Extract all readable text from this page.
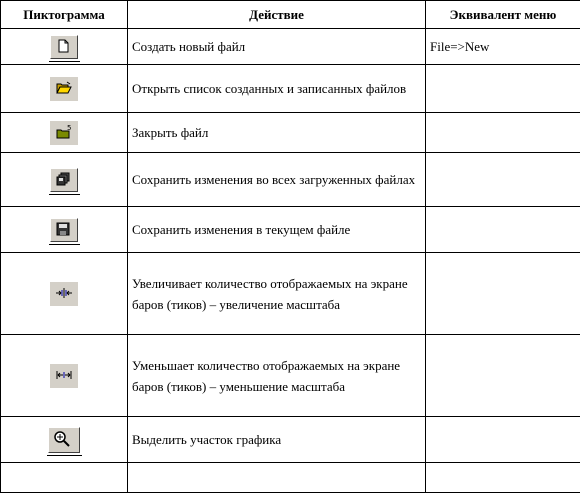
Пиктограмма	Действие	Эквивалент меню

	Создать новый файл	File=>New

	Открыть список созданных и записанных файлов	

5	Закрыть файл	

	Сохранить изменения во всех загруженных файлах	

	Сохранить изменения в текущем файле	

	Увеличивает количество отображаемых на экране баров (тиков) – увеличение масштаба	

	Уменьшает количество отображаемых на экране баров (тиков) – уменьшение масштаба	

	Выделить участок графика	
